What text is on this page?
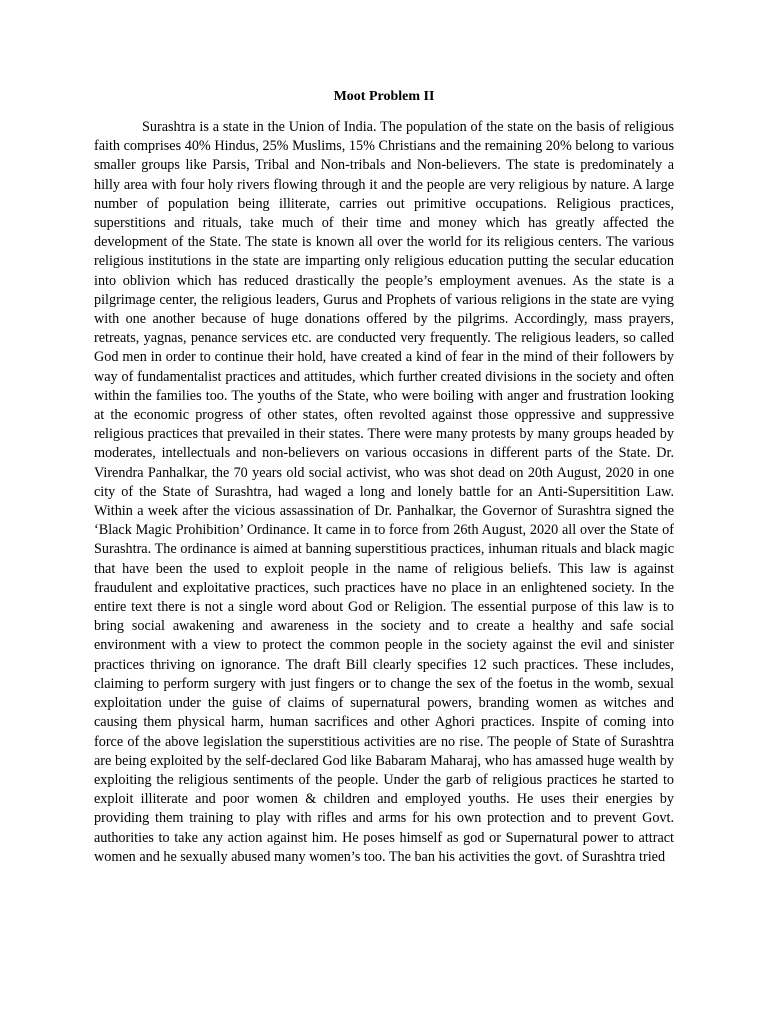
Moot Problem II

Surashtra is a state in the Union of India. The population of the state on the basis of religious faith comprises 40% Hindus, 25% Muslims, 15% Christians and the remaining 20% belong to various smaller groups like Parsis, Tribal and Non-tribals and Non-believers. The state is predominately a hilly area with four holy rivers flowing through it and the people are very religious by nature. A large number of population being illiterate, carries out primitive occupations. Religious practices, superstitions and rituals, take much of their time and money which has greatly affected the development of the State. The state is known all over the world for its religious centers. The various religious institutions in the state are imparting only religious education putting the secular education into oblivion which has reduced drastically the people’s employment avenues. As the state is a pilgrimage center, the religious leaders, Gurus and Prophets of various religions in the state are vying with one another because of huge donations offered by the pilgrims. Accordingly, mass prayers, retreats, yagnas, penance services etc. are conducted very frequently. The religious leaders, so called God men in order to continue their hold, have created a kind of fear in the mind of their followers by way of fundamentalist practices and attitudes, which further created divisions in the society and often within the families too. The youths of the State, who were boiling with anger and frustration looking at the economic progress of other states, often revolted against those oppressive and suppressive religious practices that prevailed in their states. There were many protests by many groups headed by moderates, intellectuals and non-believers on various occasions in different parts of the State. Dr. Virendra Panhalkar, the 70 years old social activist, who was shot dead on 20th August, 2020 in one city of the State of Surashtra, had waged a long and lonely battle for an Anti-Supersitition Law. Within a week after the vicious assassination of Dr. Panhalkar, the Governor of Surashtra signed the ‘Black Magic Prohibition’ Ordinance. It came in to force from 26th August, 2020 all over the State of Surashtra. The ordinance is aimed at banning superstitious practices, inhuman rituals and black magic that have been the used to exploit people in the name of religious beliefs. This law is against fraudulent and exploitative practices, such practices have no place in an enlightened society. In the entire text there is not a single word about God or Religion. The essential purpose of this law is to bring social awakening and awareness in the society and to create a healthy and safe social environment with a view to protect the common people in the society against the evil and sinister practices thriving on ignorance. The draft Bill clearly specifies 12 such practices. These includes, claiming to perform surgery with just fingers or to change the sex of the foetus in the womb, sexual exploitation under the guise of claims of supernatural powers, branding women as witches and causing them physical harm, human sacrifices and other Aghori practices. Inspite of coming into force of the above legislation the superstitious activities are no rise. The people of State of Surashtra are being exploited by the self-declared God like Babaram Maharaj, who has amassed huge wealth by exploiting the religious sentiments of the people. Under the garb of religious practices he started to exploit illiterate and poor women & children and employed youths. He uses their energies by providing them training to play with rifles and arms for his own protection and to prevent Govt. authorities to take any action against him. He poses himself as god or Supernatural power to attract women and he sexually abused many women’s too. The ban his activities the govt. of Surashtra tried
